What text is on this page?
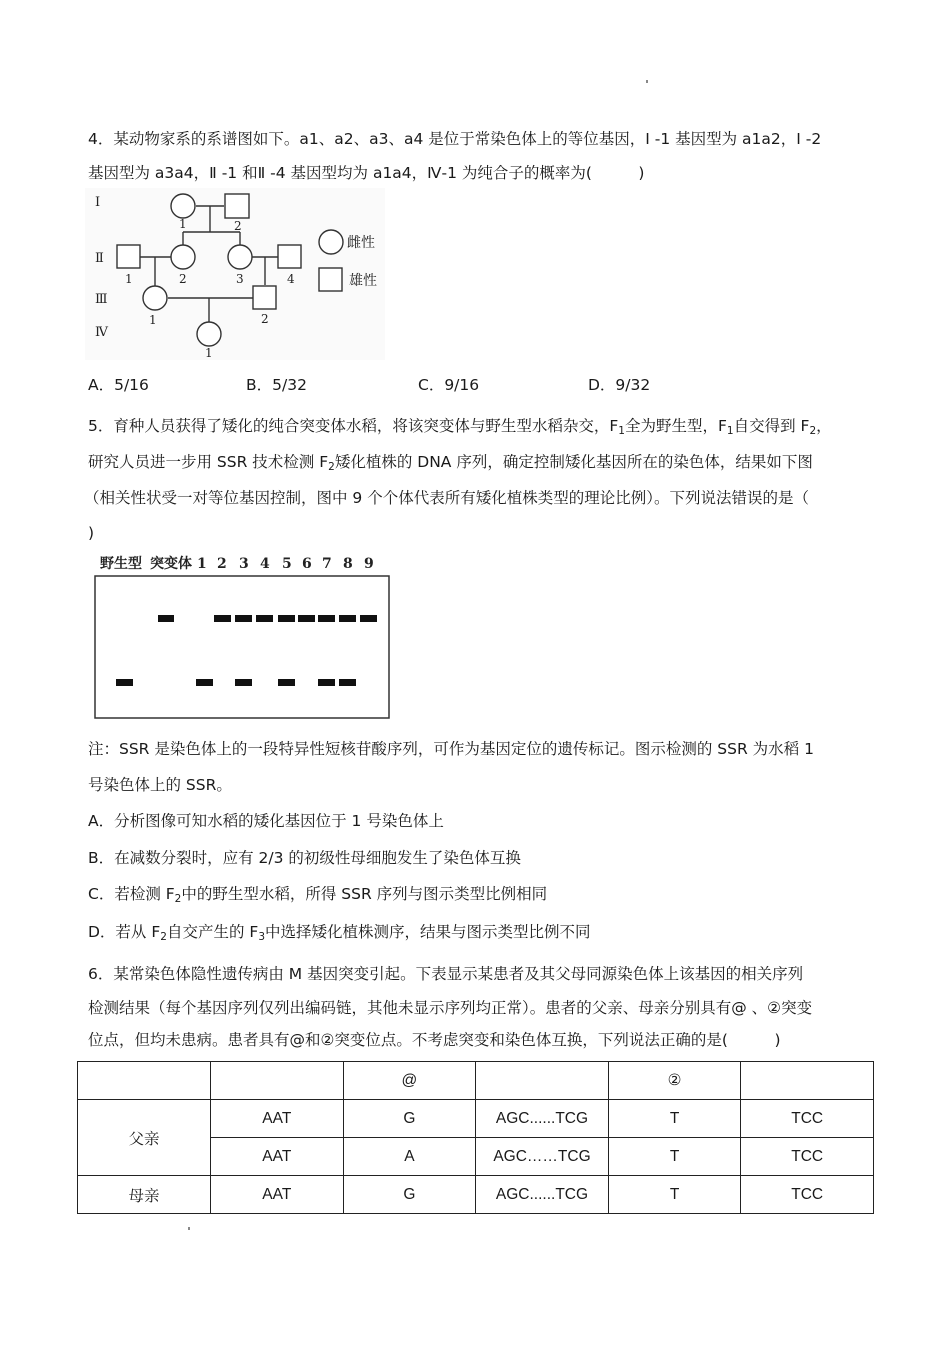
4．某动物家系的系谱图如下。a1、a2、a3、a4 是位于常染色体上的等位基因，Ⅰ -1 基因型为 a1a2，Ⅰ -2
基因型为 a3a4，Ⅱ -1 和Ⅱ -4 基因型均为 a1a4，Ⅳ-1 为纯合子的概率为(　　　)
Ⅰ
Ⅱ
Ⅲ
Ⅳ
1	2
1	2	3	4
1	2
1
雌性
雄性
A．5/16	B．5/32	C．9/16	D．9/32
5．育种人员获得了矮化的纯合突变体水稻，将该突变体与野生型水稻杂交，$F_1$全为野生型，$F_1$自交得到 $F_2$，
研究人员进一步用 SSR 技术检测 $F_2$矮化植株的 DNA 序列，确定控制矮化基因所在的染色体，结果如下图
（相关性状受一对等位基因控制，图中 9 个个体代表所有矮化植株类型的理论比例）。下列说法错误的是（
)
野生型 突变体 1 2 3 4 5 6 7 8 9
注：SSR 是染色体上的一段特异性短核苷酸序列，可作为基因定位的遗传标记。图示检测的 SSR 为水稻 1
号染色体上的 SSR。
A．分析图像可知水稻的矮化基因位于 1 号染色体上
B．在减数分裂时，应有 2/3 的初级性母细胞发生了染色体互换
C．若检测 $F_2$中的野生型水稻，所得 SSR 序列与图示类型比例相同
D．若从 $F_2$自交产生的 $F_3$中选择矮化植株测序，结果与图示类型比例不同
6．某常染色体隐性遗传病由 M 基因突变引起。下表显示某患者及其父母同源染色体上该基因的相关序列
检测结果（每个基因序列仅列出编码链，其他未显示序列均正常）。患者的父亲、母亲分别具有@ 、②突变
位点，但均未患病。患者具有@和②突变位点。不考虑突变和染色体互换，下列说法正确的是(　　　)
		@		②	
父亲	AAT	G	AGC......TCG	T	TCC
	AAT	A	AGC……TCG	T	TCC
母亲	AAT	G	AGC......TCG	T	TCC
